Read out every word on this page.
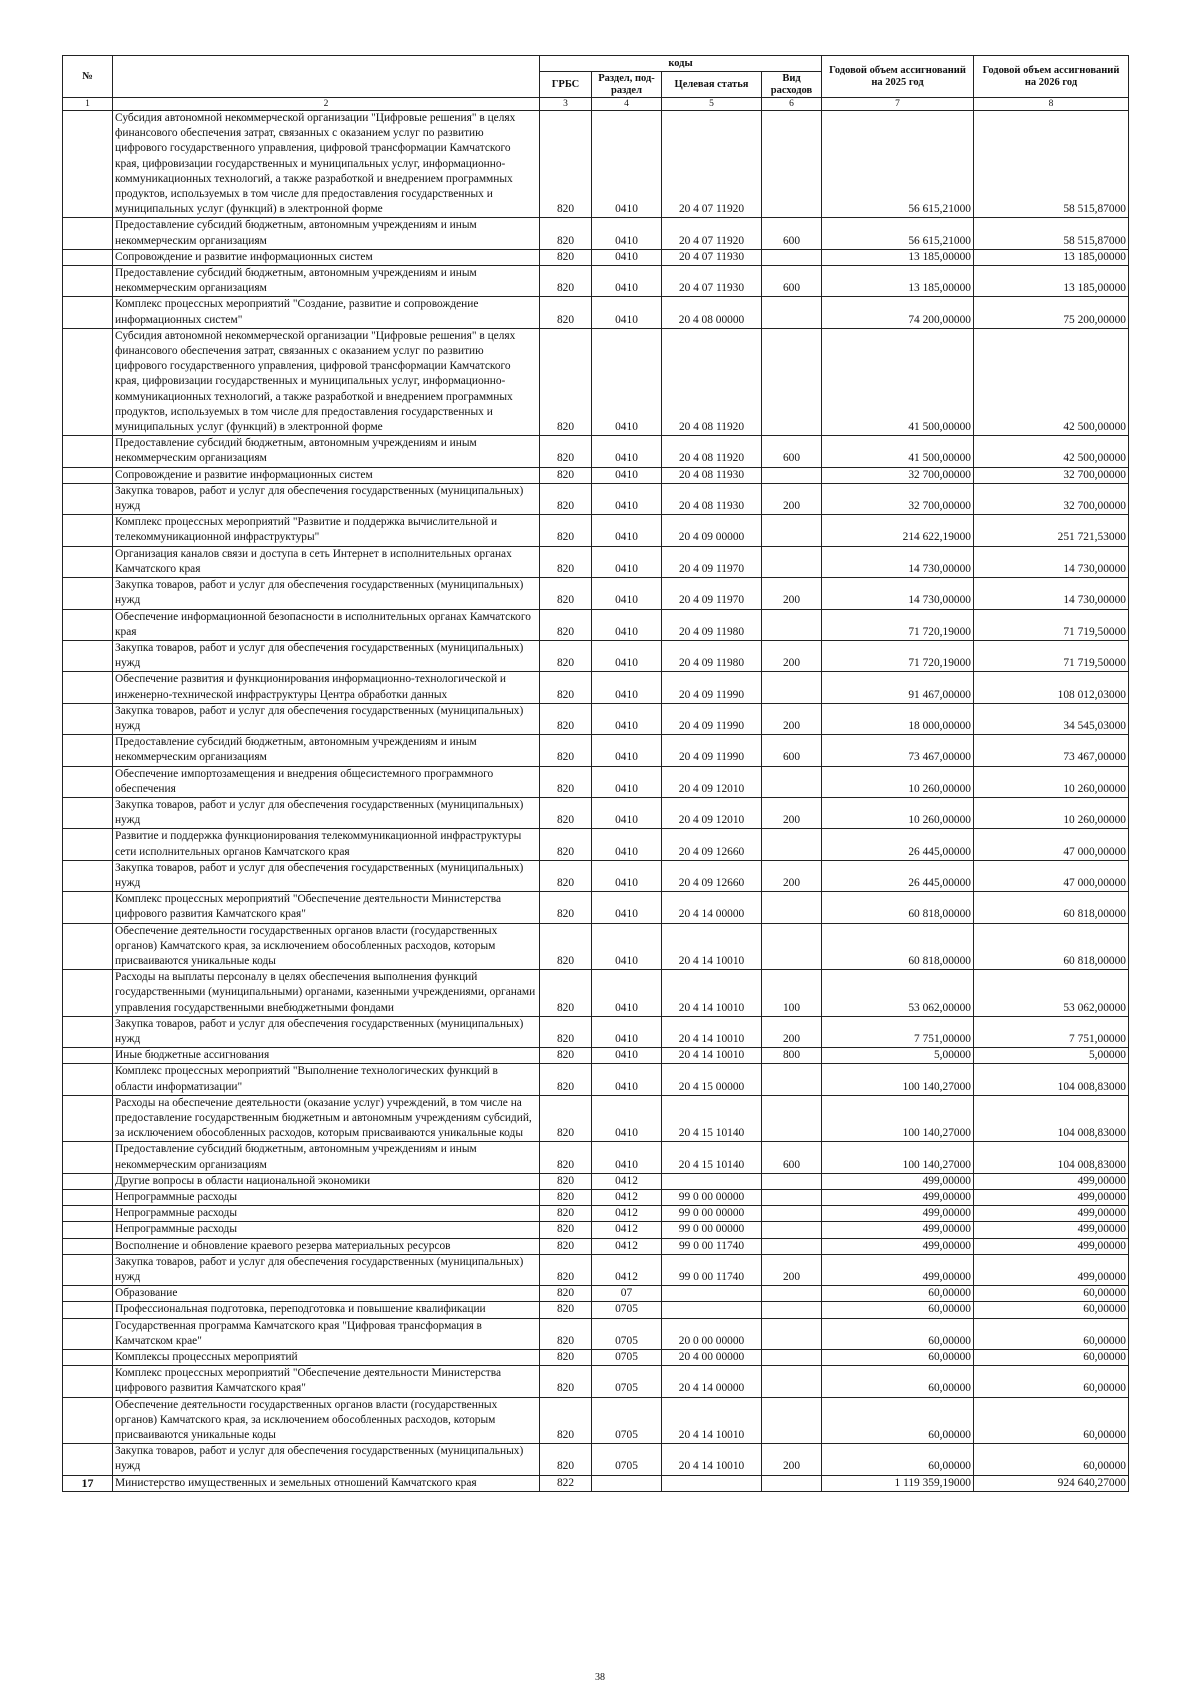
№		коды				Годовой объем ассигнований на 2025 год	Годовой объем ассигнований на 2026 год
		ГРБС	Раздел, под-раздел	Целевая статья	Вид расходов		
1	2	3	4	5	6	7	8
	Субсидия автономной некоммерческой организации "Цифровые решения" в целях финансового обеспечения затрат, связанных с оказанием услуг по развитию цифрового государственного управления, цифровой трансформации Камчатского края, цифровизации государственных и муниципальных услуг, информационно-коммуникационных технологий, а также разработкой и внедрением программных продуктов, используемых в том числе для предоставления государственных и муниципальных услуг (функций) в электронной форме	820	0410	20 4 07 11920		56 615,21000	58 515,87000
	Предоставление субсидий бюджетным, автономным учреждениям и иным некоммерческим организациям	820	0410	20 4 07 11920	600	56 615,21000	58 515,87000
	Сопровождение и развитие информационных систем	820	0410	20 4 07 11930		13 185,00000	13 185,00000
	Предоставление субсидий бюджетным, автономным учреждениям и иным некоммерческим организациям	820	0410	20 4 07 11930	600	13 185,00000	13 185,00000
	Комплекс процессных мероприятий "Создание, развитие и сопровождение информационных систем"	820	0410	20 4 08 00000		74 200,00000	75 200,00000
	Субсидия автономной некоммерческой организации "Цифровые решения" в целях финансового обеспечения затрат, связанных с оказанием услуг по развитию цифрового государственного управления, цифровой трансформации Камчатского края, цифровизации государственных и муниципальных услуг, информационно-коммуникационных технологий, а также разработкой и внедрением программных продуктов, используемых в том числе для предоставления государственных и муниципальных услуг (функций) в электронной форме	820	0410	20 4 08 11920		41 500,00000	42 500,00000
	Предоставление субсидий бюджетным, автономным учреждениям и иным некоммерческим организациям	820	0410	20 4 08 11920	600	41 500,00000	42 500,00000
	Сопровождение и развитие информационных систем	820	0410	20 4 08 11930		32 700,00000	32 700,00000
	Закупка товаров, работ и услуг для обеспечения государственных (муниципальных) нужд	820	0410	20 4 08 11930	200	32 700,00000	32 700,00000
	Комплекс процессных мероприятий "Развитие и поддержка вычислительной и телекоммуникационной инфраструктуры"	820	0410	20 4 09 00000		214 622,19000	251 721,53000
	Организация каналов связи и доступа в сеть Интернет в исполнительных органах Камчатского края	820	0410	20 4 09 11970		14 730,00000	14 730,00000
	Закупка товаров, работ и услуг для обеспечения государственных (муниципальных) нужд	820	0410	20 4 09 11970	200	14 730,00000	14 730,00000
	Обеспечение информационной безопасности в исполнительных органах Камчатского края	820	0410	20 4 09 11980		71 720,19000	71 719,50000
	Закупка товаров, работ и услуг для обеспечения государственных (муниципальных) нужд	820	0410	20 4 09 11980	200	71 720,19000	71 719,50000
	Обеспечение развития и функционирования информационно-технологической и инженерно-технической инфраструктуры Центра обработки данных	820	0410	20 4 09 11990		91 467,00000	108 012,03000
	Закупка товаров, работ и услуг для обеспечения государственных (муниципальных) нужд	820	0410	20 4 09 11990	200	18 000,00000	34 545,03000
	Предоставление субсидий бюджетным, автономным учреждениям и иным некоммерческим организациям	820	0410	20 4 09 11990	600	73 467,00000	73 467,00000
	Обеспечение импортозамещения и внедрения общесистемного программного обеспечения	820	0410	20 4 09 12010		10 260,00000	10 260,00000
	Закупка товаров, работ и услуг для обеспечения государственных (муниципальных) нужд	820	0410	20 4 09 12010	200	10 260,00000	10 260,00000
	Развитие и поддержка функционирования телекоммуникационной инфраструктуры сети исполнительных органов Камчатского края	820	0410	20 4 09 12660		26 445,00000	47 000,00000
	Закупка товаров, работ и услуг для обеспечения государственных (муниципальных) нужд	820	0410	20 4 09 12660	200	26 445,00000	47 000,00000
	Комплекс процессных мероприятий "Обеспечение деятельности Министерства цифрового развития Камчатского края"	820	0410	20 4 14 00000		60 818,00000	60 818,00000
	Обеспечение деятельности государственных органов власти (государственных органов) Камчатского края, за исключением обособленных расходов, которым присваиваются уникальные коды	820	0410	20 4 14 10010		60 818,00000	60 818,00000
	Расходы на выплаты персоналу в целях обеспечения выполнения функций государственными (муниципальными) органами, казенными учреждениями, органами управления государственными внебюджетными фондами	820	0410	20 4 14 10010	100	53 062,00000	53 062,00000
	Закупка товаров, работ и услуг для обеспечения государственных (муниципальных) нужд	820	0410	20 4 14 10010	200	7 751,00000	7 751,00000
	Иные бюджетные ассигнования	820	0410	20 4 14 10010	800	5,00000	5,00000
	Комплекс процессных мероприятий "Выполнение технологических функций в области информатизации"	820	0410	20 4 15 00000		100 140,27000	104 008,83000
	Расходы на обеспечение деятельности (оказание услуг) учреждений, в том числе на предоставление государственным бюджетным и автономным учреждениям субсидий, за исключением обособленных расходов, которым присваиваются уникальные коды	820	0410	20 4 15 10140		100 140,27000	104 008,83000
	Предоставление субсидий бюджетным, автономным учреждениям и иным некоммерческим организациям	820	0410	20 4 15 10140	600	100 140,27000	104 008,83000
	Другие вопросы в области национальной экономики	820	0412			499,00000	499,00000
	Непрограммные расходы	820	0412	99 0 00 00000		499,00000	499,00000
	Непрограммные расходы	820	0412	99 0 00 00000		499,00000	499,00000
	Непрограммные расходы	820	0412	99 0 00 00000		499,00000	499,00000
	Восполнение и обновление краевого резерва материальных ресурсов	820	0412	99 0 00 11740		499,00000	499,00000
	Закупка товаров, работ и услуг для обеспечения государственных (муниципальных) нужд	820	0412	99 0 00 11740	200	499,00000	499,00000
	Образование	820	07			60,00000	60,00000
	Профессиональная подготовка, переподготовка и повышение квалификации	820	0705			60,00000	60,00000
	Государственная программа Камчатского края "Цифровая трансформация в Камчатском крае"	820	0705	20 0 00 00000		60,00000	60,00000
	Комплексы процессных мероприятий	820	0705	20 4 00 00000		60,00000	60,00000
	Комплекс процессных мероприятий "Обеспечение деятельности Министерства цифрового развития Камчатского края"	820	0705	20 4 14 00000		60,00000	60,00000
	Обеспечение деятельности государственных органов власти (государственных органов) Камчатского края, за исключением обособленных расходов, которым присваиваются уникальные коды	820	0705	20 4 14 10010		60,00000	60,00000
	Закупка товаров, работ и услуг для обеспечения государственных (муниципальных) нужд	820	0705	20 4 14 10010	200	60,00000	60,00000
17	Министерство имущественных и земельных отношений Камчатского края	822				1 119 359,19000	924 640,27000
38
